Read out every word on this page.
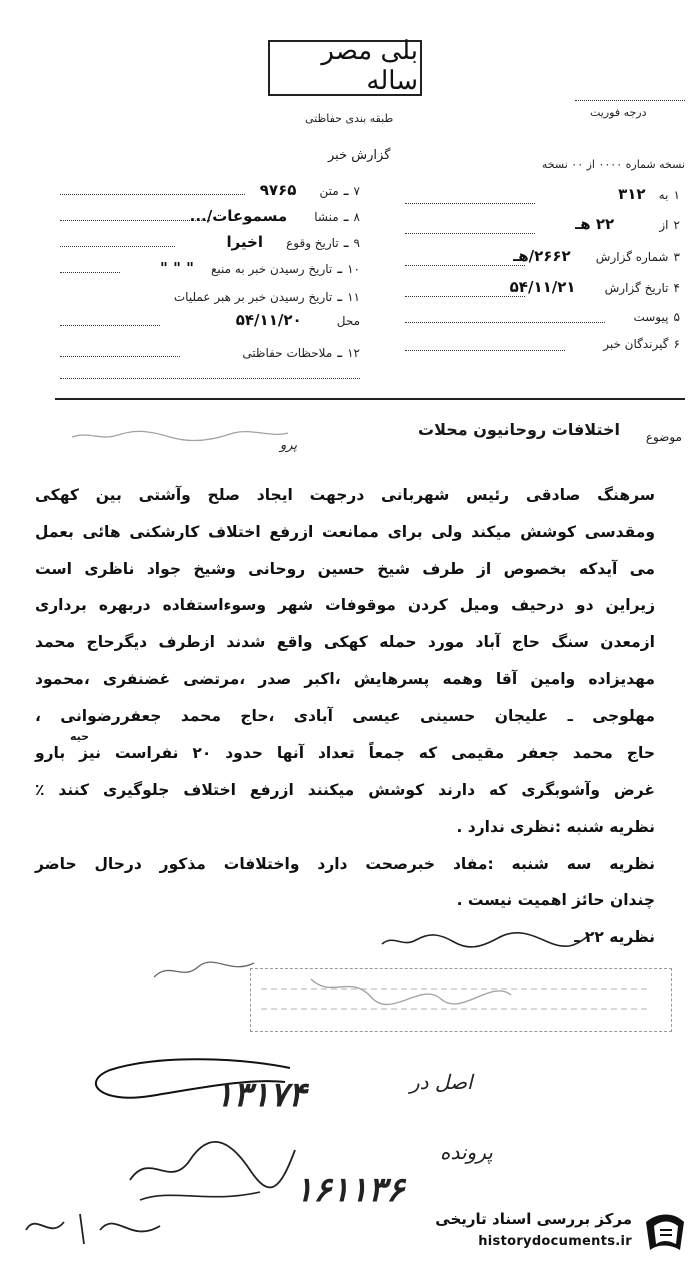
بلی مصر ساله
طبقه بندی حفاظتی	درجه فوریت
گزارش خبر
نسخه شماره ۰۰۰۰ از ۰۰ نسخه
۱ به ۳۱۲
۲ از ۲۲ هـ
۳ شماره گزارش ۲۶۶۲/هـ
۴ تاریخ گزارش ۵۴/۱۱/۲۱
۵ پیوست
۶ گیرندگان خبر
۷ ـ متن ۹۷۶۵
۸ ـ منشا مسموعات/...
۹ ـ تاریخ وقوع اخیرا
۱۰ ـ تاریخ رسیدن خبر به منبع " " "
۱۱ ـ تاریخ رسیدن خبر بر هبر عملیات
محل ۵۴/۱۱/۲۰
۱۲ ـ ملاحظات حفاظتی
موضوع
اختلافات روحانیون محلات
پرو
سرهنگ صادقی رئیس شهربانی درجهت ایجاد صلح وآشتی بین کهکی
ومقدسی کوشش میکند ولی برای ممانعت ازرفع اختلاف کارشکنی هائی بعمل
می آیدکه بخصوص از طرف شیخ حسین روحانی وشیخ جواد ناظری است
زیراین دو درحیف ومیل کردن موقوفات شهر وسوءاستفاده دربهره برداری
ازمعدن سنگ حاج آباد مورد حمله کهکی واقع شدند ازطرف دیگرحاج محمد
مهدیزاده وامین آقا وهمه پسرهایش ،اکبر صدر ،مرتضی غضنفری ،محمود
مهلوجی ـ علیجان حسینی عیسی آبادی ،حاج محمد جعفررضوانی ،
حیه
حاج محمد جعفر مقیمی که جمعاً تعداد آنها حدود ۲۰ نفراست نیز بارو
غرض وآشوبگری که دارند کوشش میکنند ازرفع اختلاف جلوگیری کنند ٪
نظریه شنبه :نظری ندارد .
نظریه سه شنبه :مفاد خبرصحت دارد واختلافات مذکور درحال حاضر
چندان حائز اهمیت نیست .
نظریه ۲۲ ـ
۱۳۱۷۴	اصل در
۱۶۱۱۳۶
پرونده
مرکز بررسی اسناد تاریخی
historydocuments.ir
